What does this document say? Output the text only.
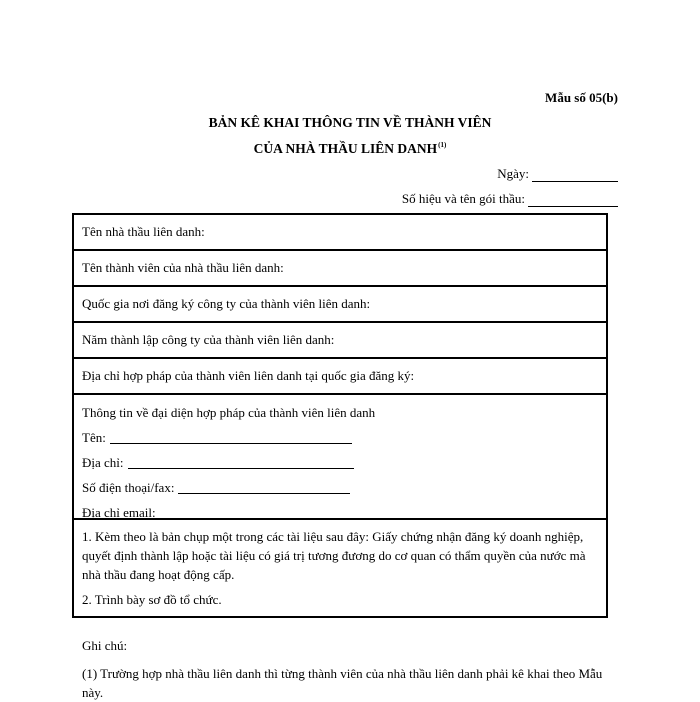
Mẫu số 05(b)
BẢN KÊ KHAI THÔNG TIN VỀ THÀNH VIÊN
CỦA NHÀ THẦU LIÊN DANH$^{(1)}$
Ngày:
Số hiệu và tên gói thầu:
Tên nhà thầu liên danh:
Tên thành viên của nhà thầu liên danh:
Quốc gia nơi đăng ký công ty của thành viên liên danh:
Năm thành lập công ty của thành viên liên danh:
Địa chỉ hợp pháp của thành viên liên danh tại quốc gia đăng ký:
Thông tin về đại diện hợp pháp của thành viên liên danh
Tên:
Địa chỉ:
Số điện thoại/fax:
Địa chỉ email:

1. Kèm theo là bản chụp một trong các tài liệu sau đây: Giấy chứng nhận đăng ký doanh nghiệp, quyết định thành lập hoặc tài liệu có giá trị tương đương do cơ quan có thẩm quyền của nước mà nhà thầu đang hoạt động cấp.

2. Trình bày sơ đồ tổ chức.

Ghi chú:

(1) Trường hợp nhà thầu liên danh thì từng thành viên của nhà thầu liên danh phải kê khai theo Mẫu này.
